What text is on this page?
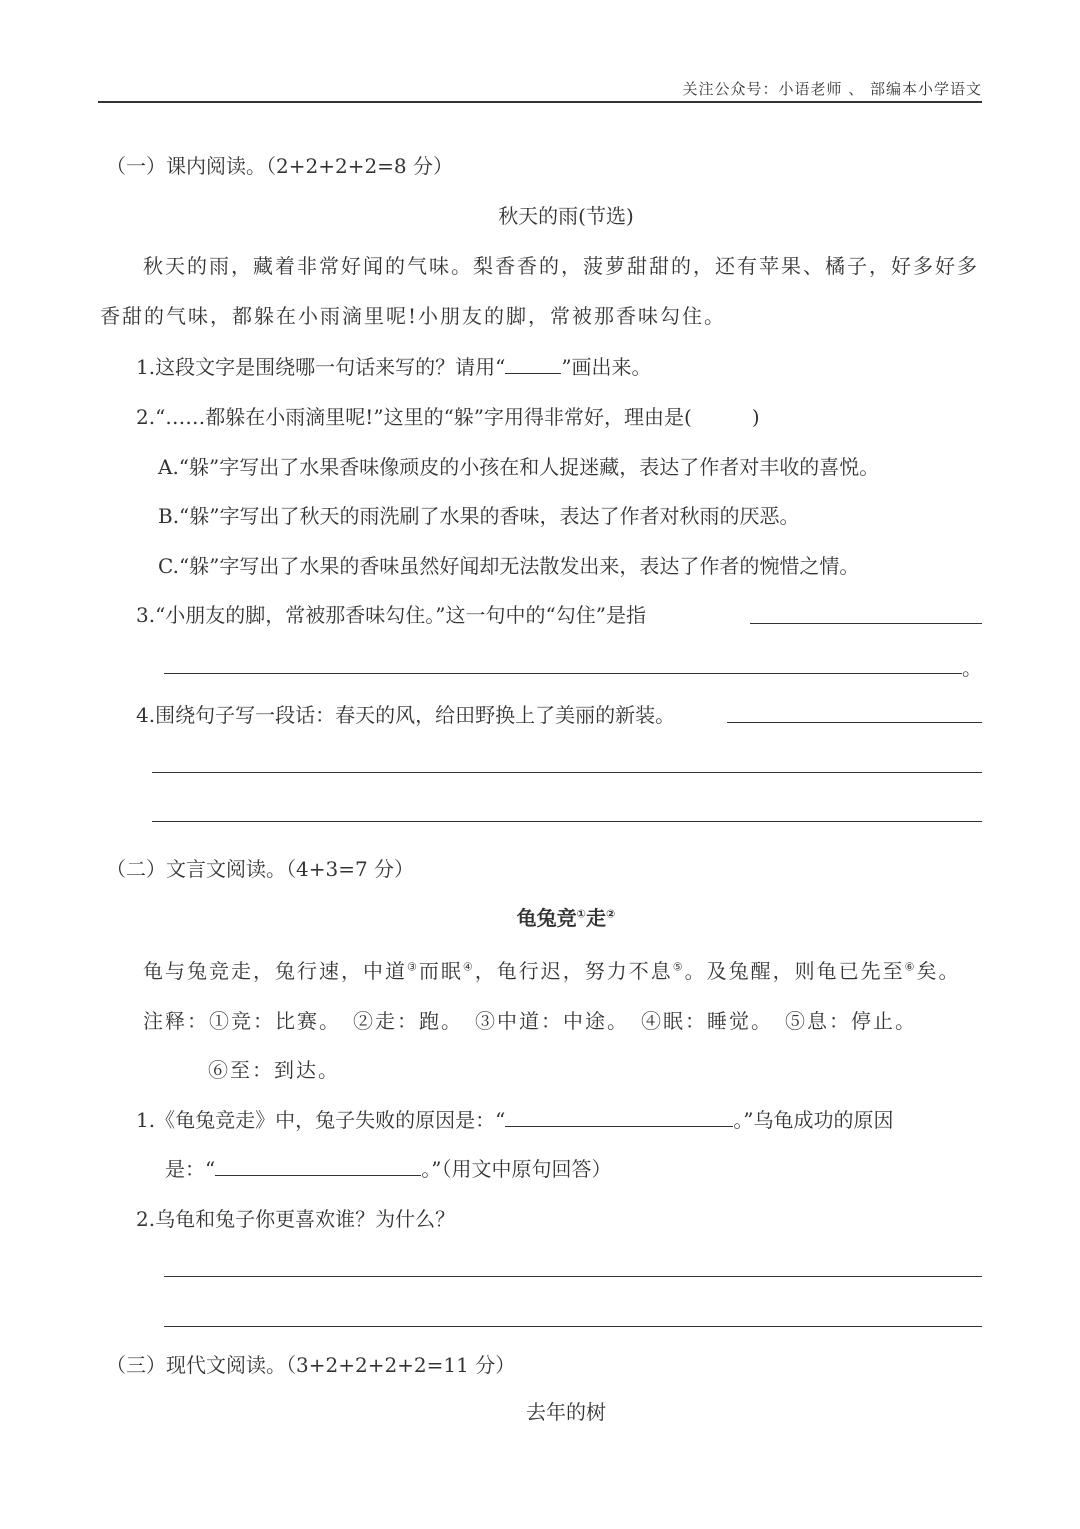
关注公众号：小语老师 、 部编本小学语文
（一）课内阅读。（2+2+2+2=8 分）
秋天的雨(节选)
秋天的雨，藏着非常好闻的气味。梨香香的，菠萝甜甜的，还有苹果、橘子，好多好多
香甜的气味，都躲在小雨滴里呢!小朋友的脚，常被那香味勾住。
1.这段文字是围绕哪一句话来写的？请用“	”画出来。
2.“……都躲在小雨滴里呢!”这里的“躲”字用得非常好，理由是(　　　)
A.“躲”字写出了水果香味像顽皮的小孩在和人捉迷藏，表达了作者对丰收的喜悦。
B.“躲”字写出了秋天的雨洗刷了水果的香味，表达了作者对秋雨的厌恶。
C.“躲”字写出了水果的香味虽然好闻却无法散发出来，表达了作者的惋惜之情。
3.“小朋友的脚，常被那香味勾住。”这一句中的“勾住”是指
。
4.围绕句子写一段话：春天的风，给田野换上了美丽的新装。
（二）文言文阅读。（4+3=7 分）
龟兔竞①走②
龟与兔竞走，兔行速，中道③而眠④，龟行迟，努力不息⑤。及兔醒，则龟已先至⑥矣。
注释：①竞：比赛。　②走：跑。　③中道：中途。　④眠：睡觉。　⑤息：停止。
⑥至：到达。
1.《龟兔竞走》中，兔子失败的原因是：“	。”乌龟成功的原因
是：“	。”（用文中原句回答）
2.乌龟和兔子你更喜欢谁？为什么？
（三）现代文阅读。（3+2+2+2+2=11 分）
去年的树
